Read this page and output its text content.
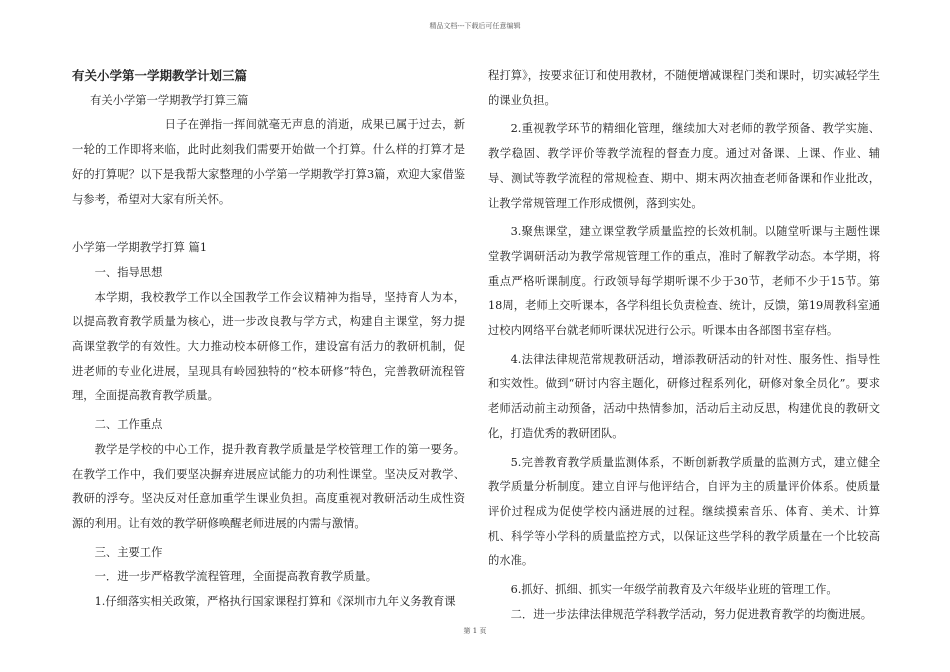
精品文档---下载后可任意编辑

有关小学第一学期教学计划三篇

有关小学第一学期教学打算三篇

日子在弹指一挥间就毫无声息的消逝，成果已属于过去，新一轮的工作即将来临，此时此刻我们需要开始做一个打算。什么样的打算才是好的打算呢？以下是我帮大家整理的小学第一学期教学打算3篇，欢迎大家借鉴与参考，希望对大家有所关怀。

小学第一学期教学打算 篇1

一、指导思想

本学期，我校教学工作以全国教学工作会议精神为指导，坚持育人为本，以提高教育教学质量为核心，进一步改良教与学方式，构建自主课堂，努力提高课堂教学的有效性。大力推动校本研修工作，建设富有活力的教研机制，促进老师的专业化进展，呈现具有岭园独特的“校本研修”特色，完善教研流程管理，全面提高教育教学质量。

二、工作重点

教学是学校的中心工作，提升教育教学质量是学校管理工作的第一要务。在教学工作中，我们要坚决摒弃进展应试能力的功利性课堂。坚决反对教学、教研的浮夸。坚决反对任意加重学生课业负担。高度重视对教研活动生成性资源的利用。让有效的教学研修唤醒老师进展的内需与激情。

三、主要工作

一．进一步严格教学流程管理，全面提高教育教学质量。

1.仔细落实相关政策，严格执行国家课程打算和《深圳市九年义务教育课

程打算》，按要求征订和使用教材，不随便增减课程门类和课时，切实减轻学生的课业负担。

2.重视教学环节的精细化管理，继续加大对老师的教学预备、教学实施、教学稳固、教学评价等教学流程的督查力度。通过对备课、上课、作业、辅导、测试等教学流程的常规检查、期中、期末两次抽查老师备课和作业批改，让教学常规管理工作形成惯例，落到实处。

3.聚焦课堂，建立课堂教学质量监控的长效机制。以随堂听课与主题性课堂教学调研活动为教学常规管理工作的重点，准时了解教学动态。本学期，将重点严格听课制度。行政领导每学期听课不少于30节，老师不少于15节。第18周，老师上交听课本，各学科组长负责检查、统计，反馈，第19周教科室通过校内网络平台就老师听课状况进行公示。听课本由各部图书室存档。

4.法律法律规范常规教研活动，增添教研活动的针对性、服务性、指导性和实效性。做到“研讨内容主题化，研修过程系列化，研修对象全员化”。要求老师活动前主动预备，活动中热情参加，活动后主动反思，构建优良的教研文化，打造优秀的教研团队。

5.完善教育教学质量监测体系，不断创新教学质量的监测方式，建立健全教学质量分析制度。建立自评与他评结合，自评为主的质量评价体系。使质量评价过程成为促使学校内涵进展的过程。继续摸索音乐、体育、美术、计算机、科学等小学科的质量监控方式，以保证这些学科的教学质量在一个比较高的水准。

6.抓好、抓细、抓实一年级学前教育及六年级毕业班的管理工作。

二．进一步法律法律规范学科教学活动，努力促进教育教学的均衡进展。

第 1 页
